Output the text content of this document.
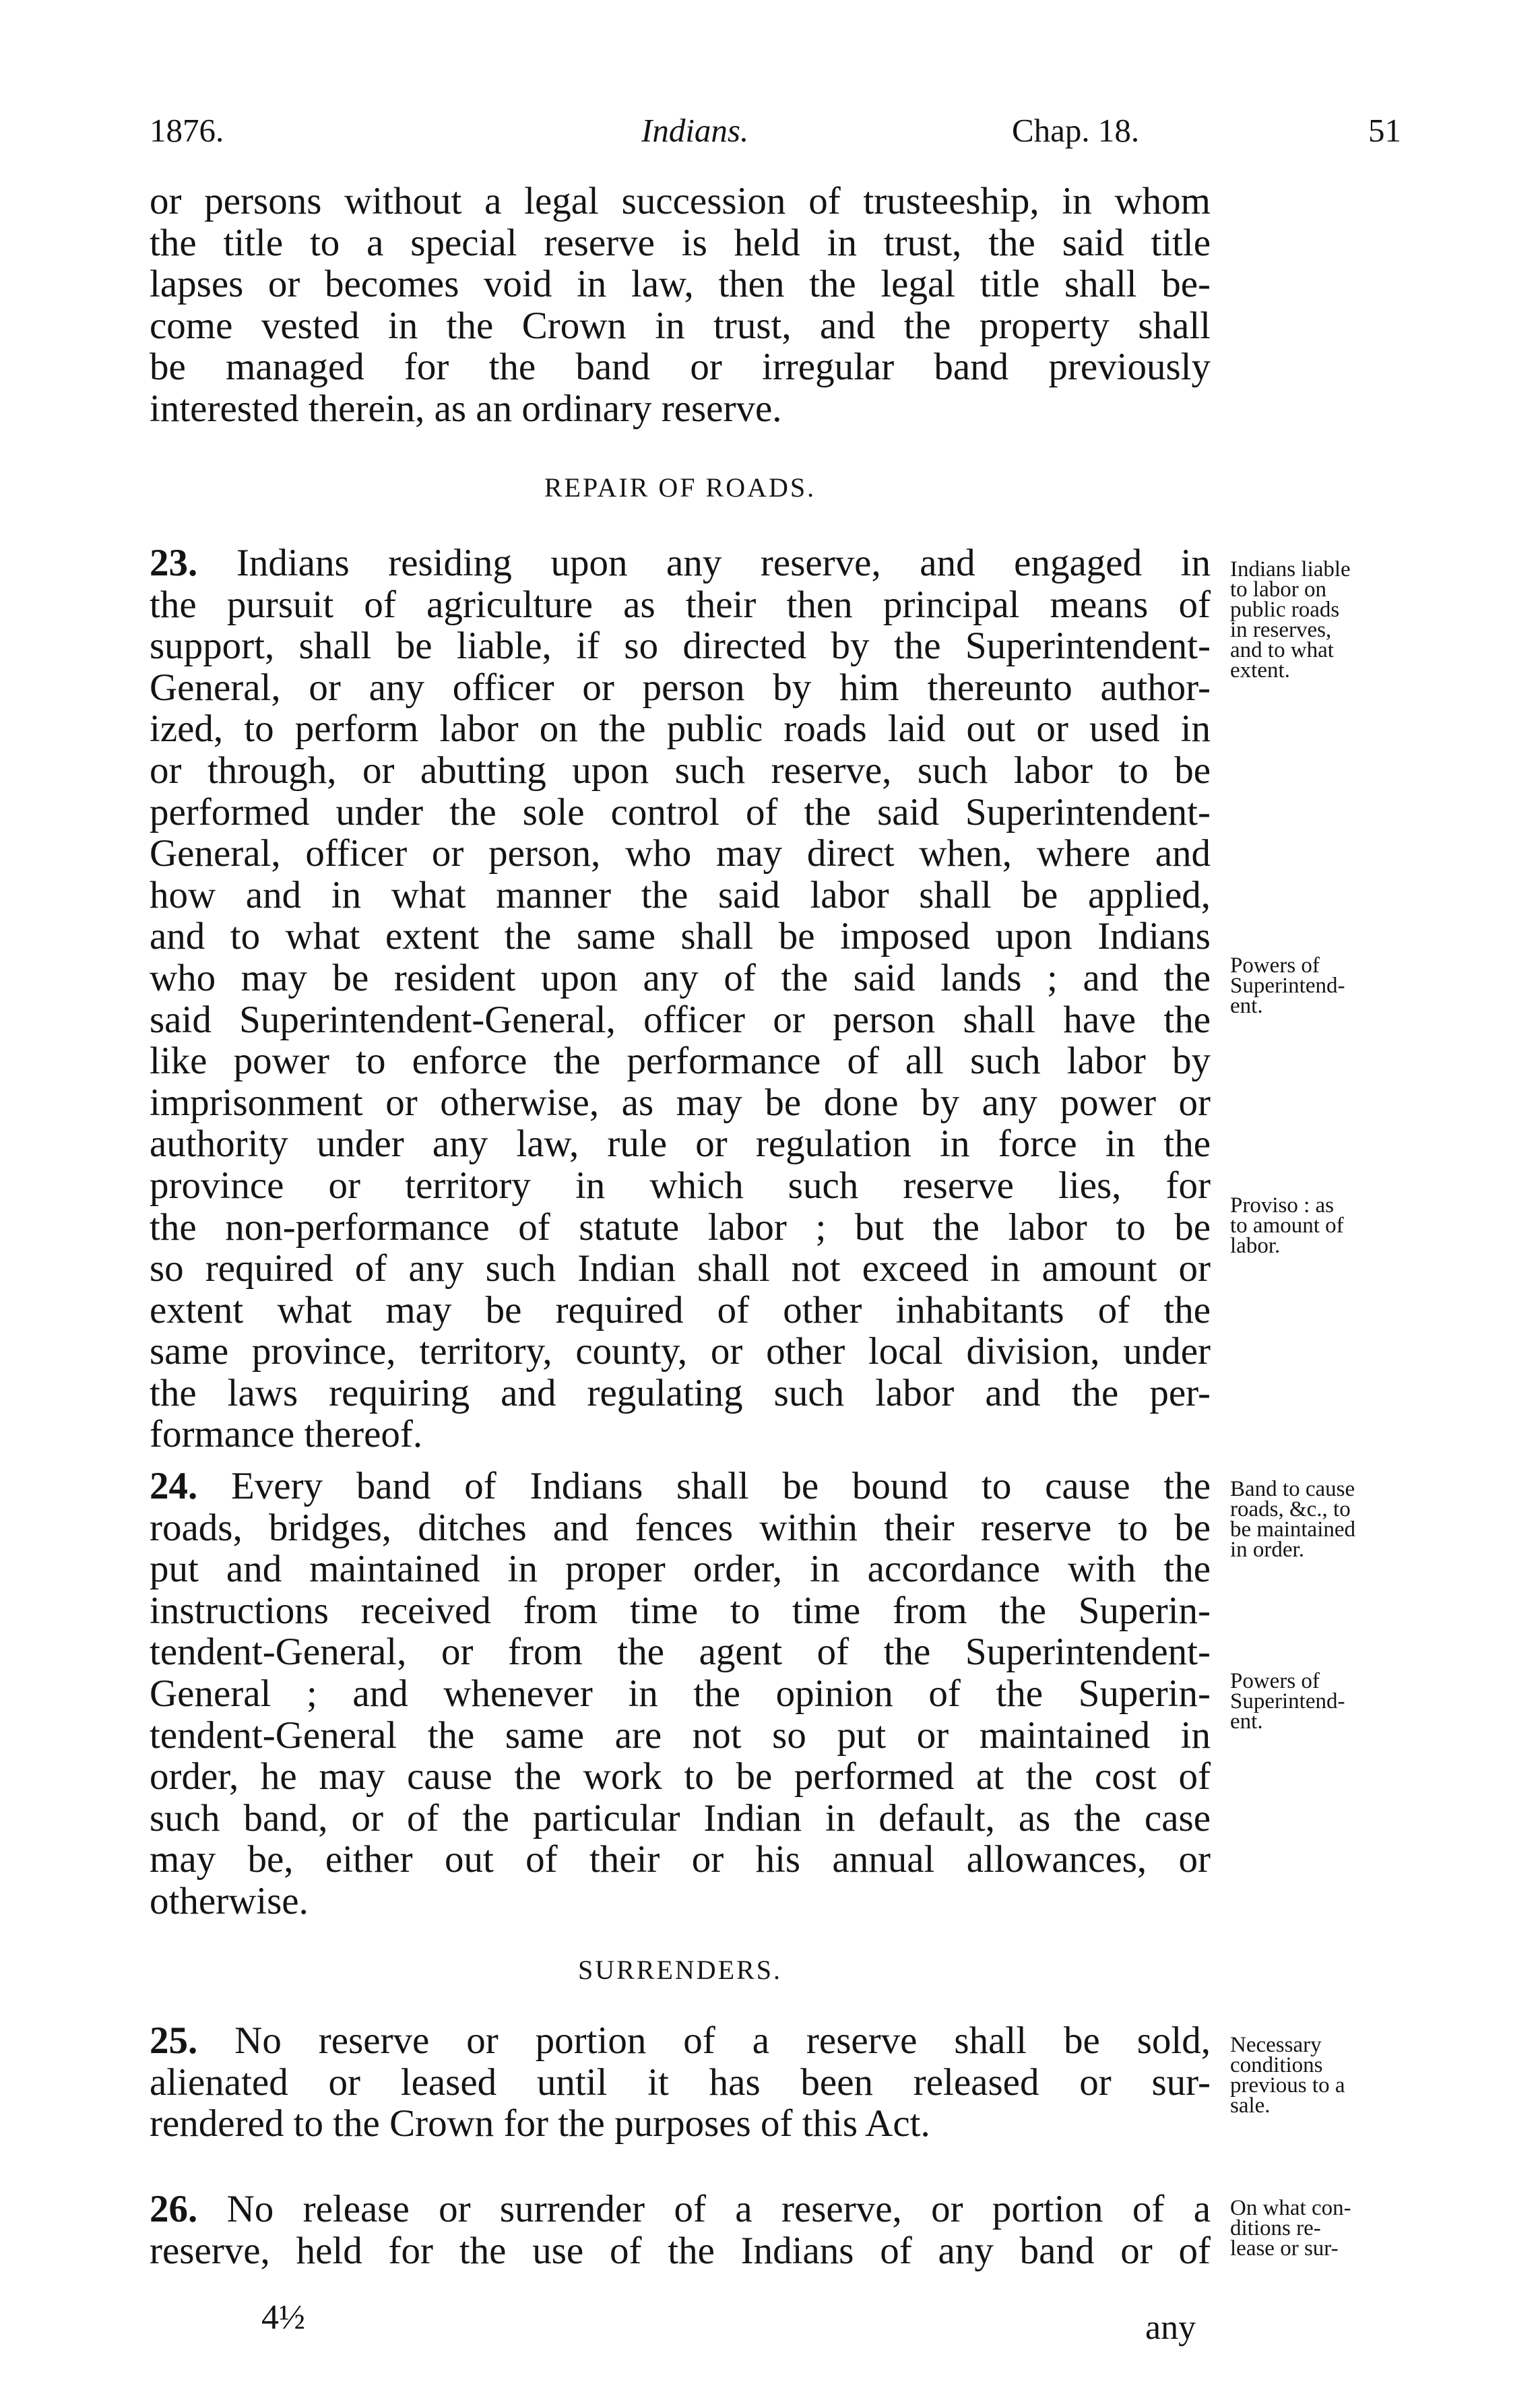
1876.	Indians.	Chap. 18.	51
or persons without a legal succession of trusteeship, in whom
the title to a special reserve is held in trust, the said title
lapses or becomes void in law, then the legal title shall be-
come vested in the Crown in trust, and the property shall
be managed for the band or irregular band previously
interested therein, as an ordinary reserve.
REPAIR OF ROADS.
23. Indians residing upon any reserve, and engaged in
the pursuit of agriculture as their then principal means of
support, shall be liable, if so directed by the Superintendent-
General, or any officer or person by him thereunto author-
ized, to perform labor on the public roads laid out or used in
or through, or abutting upon such reserve, such labor to be
performed under the sole control of the said Superintendent-
General, officer or person, who may direct when, where and
how and in what manner the said labor shall be applied,
and to what extent the same shall be imposed upon Indians
who may be resident upon any of the said lands ; and the
said Superintendent-General, officer or person shall have the
like power to enforce the performance of all such labor by
imprisonment or otherwise, as may be done by any power or
authority under any law, rule or regulation in force in the
province or territory in which such reserve lies, for
the non-performance of statute labor ; but the labor to be
so required of any such Indian shall not exceed in amount or
extent what may be required of other inhabitants of the
same province, territory, county, or other local division, under
the laws requiring and regulating such labor and the per-
formance thereof.
24. Every band of Indians shall be bound to cause the
roads, bridges, ditches and fences within their reserve to be
put and maintained in proper order, in accordance with the
instructions received from time to time from the Superin-
tendent-General, or from the agent of the Superintendent-
General ; and whenever in the opinion of the Superin-
tendent-General the same are not so put or maintained in
order, he may cause the work to be performed at the cost of
such band, or of the particular Indian in default, as the case
may be, either out of their or his annual allowances, or
otherwise.
SURRENDERS.
25. No reserve or portion of a reserve shall be sold,
alienated or leased until it has been released or sur-
rendered to the Crown for the purposes of this Act.
26. No release or surrender of a reserve, or portion of a
reserve, held for the use of the Indians of any band or of
4½	any
Indians liable
to labor on
public roads
in reserves,
and to what
extent.
Powers of
Superintend-
ent.
Proviso : as
to amount of
labor.
Band to cause
roads, &c., to
be maintained
in order.
Powers of
Superintend-
ent.
Necessary
conditions
previous to a
sale.
On what con-
ditions re-
lease or sur-
